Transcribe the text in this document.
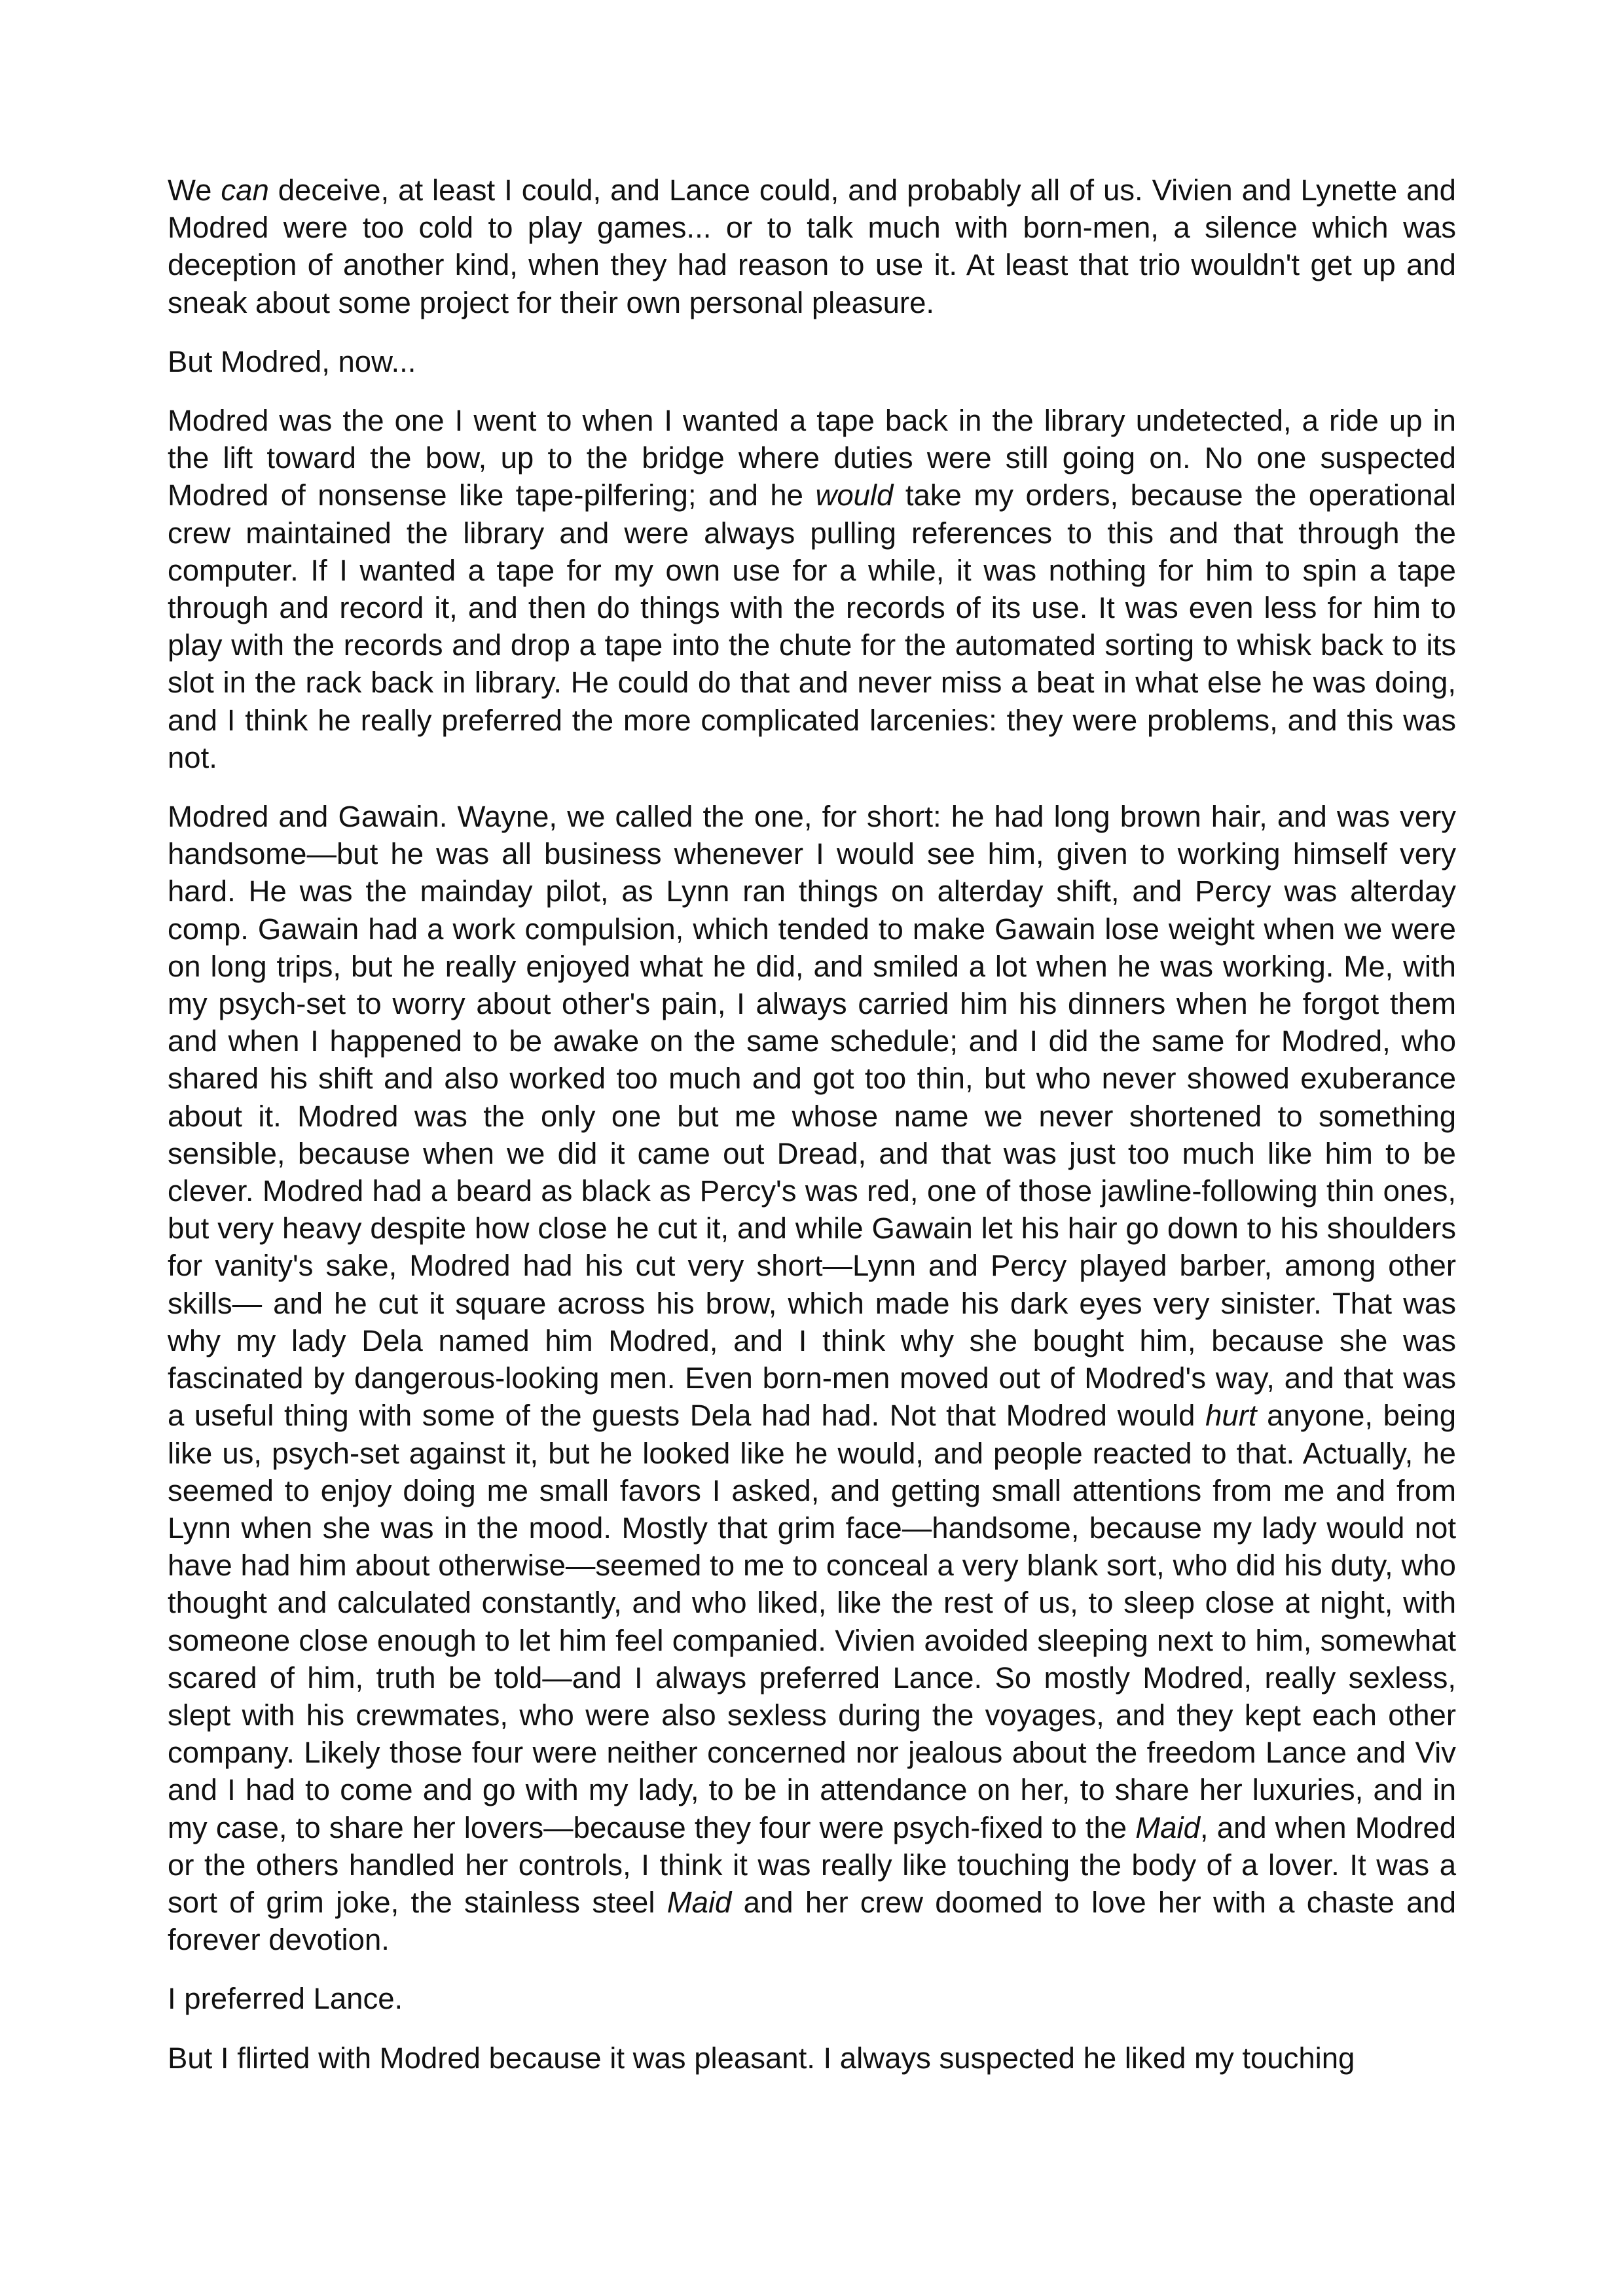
We can deceive, at least I could, and Lance could, and probably all of us. Vivien and Lynette and Modred were too cold to play games... or to talk much with born-men, a silence which was deception of another kind, when they had reason to use it. At least that trio wouldn't get up and sneak about some project for their own personal pleasure.

But Modred, now...

Modred was the one I went to when I wanted a tape back in the library undetected, a ride up in the lift toward the bow, up to the bridge where duties were still going on. No one suspected Modred of nonsense like tape-pilfering; and he would take my orders, because the operational crew maintained the library and were always pulling references to this and that through the computer. If I wanted a tape for my own use for a while, it was nothing for him to spin a tape through and record it, and then do things with the records of its use. It was even less for him to play with the records and drop a tape into the chute for the automated sorting to whisk back to its slot in the rack back in library. He could do that and never miss a beat in what else he was doing, and I think he really preferred the more complicated larcenies: they were problems, and this was not.

Modred and Gawain. Wayne, we called the one, for short: he had long brown hair, and was very handsome—but he was all business whenever I would see him, given to working himself very hard. He was the mainday pilot, as Lynn ran things on alterday shift, and Percy was alterday comp. Gawain had a work compulsion, which tended to make Gawain lose weight when we were on long trips, but he really enjoyed what he did, and smiled a lot when he was working. Me, with my psych-set to worry about other's pain, I always carried him his dinners when he forgot them and when I happened to be awake on the same schedule; and I did the same for Modred, who shared his shift and also worked too much and got too thin, but who never showed exuberance about it. Modred was the only one but me whose name we never shortened to something sensible, because when we did it came out Dread, and that was just too much like him to be clever. Modred had a beard as black as Percy's was red, one of those jawline-following thin ones, but very heavy despite how close he cut it, and while Gawain let his hair go down to his shoulders for vanity's sake, Modred had his cut very short—Lynn and Percy played barber, among other skills— and he cut it square across his brow, which made his dark eyes very sinister. That was why my lady Dela named him Modred, and I think why she bought him, because she was fascinated by dangerous-looking men. Even born-men moved out of Modred's way, and that was a useful thing with some of the guests Dela had had. Not that Modred would hurt anyone, being like us, psych-set against it, but he looked like he would, and people reacted to that. Actually, he seemed to enjoy doing me small favors I asked, and getting small attentions from me and from Lynn when she was in the mood. Mostly that grim face—handsome, because my lady would not have had him about otherwise—seemed to me to conceal a very blank sort, who did his duty, who thought and calculated constantly, and who liked, like the rest of us, to sleep close at night, with someone close enough to let him feel companied. Vivien avoided sleeping next to him, somewhat scared of him, truth be told—and I always preferred Lance. So mostly Modred, really sexless, slept with his crewmates, who were also sexless during the voyages, and they kept each other company. Likely those four were neither concerned nor jealous about the freedom Lance and Viv and I had to come and go with my lady, to be in attendance on her, to share her luxuries, and in my case, to share her lovers—because they four were psych-fixed to the Maid, and when Modred or the others handled her controls, I think it was really like touching the body of a lover. It was a sort of grim joke, the stainless steel Maid and her crew doomed to love her with a chaste and forever devotion.

I preferred Lance.

But I flirted with Modred because it was pleasant. I always suspected he liked my touching
